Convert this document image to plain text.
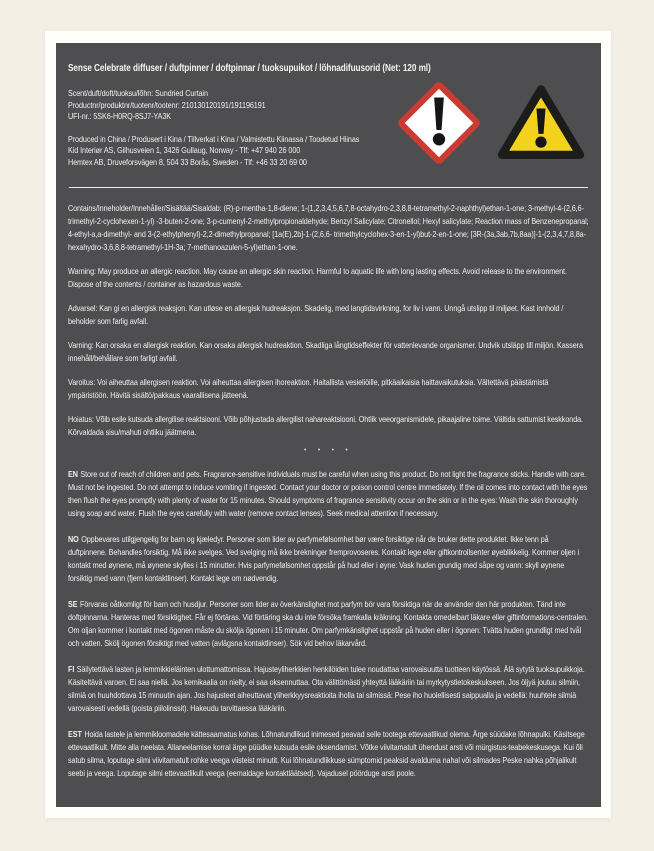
Sense Celebrate diffuser / duftpinner / doftpinnar / tuoksupuikot / lõhnadifuusorid (Net: 120 ml)
Scent/duft/doft/tuoksu/lõhn: Sundried Curtain
Productnr/produktnr/tuotenr/tootenr: 210130120191/191196191
UFI-nr.: 5SK6-H0RQ-8SJ7-YA3K
Produced in China / Produsert i Kina / Tillverkat i Kina / Valmistettu Kiinassa / Toodetud Hiinas
Kid Interiør AS, Gilhusveien 1, 3426 Gullaug, Norway - Tlf: +47 940 26 000
Hemtex AB, Druveforsvägen 8, 504 33 Borås, Sweden - Tlf: +46 33 20 69 00

Contains/Inneholder/Innehåller/Sisältää/Sisaldab: (R)-p-mentha-1,8-diene; 1-(1,2,3,4,5,6,7,8-octahydro-2,3,8,8-tetramethyl-2-naphthyl)ethan-1-one; 3-methyl-4-(2,6,6-trimethyl-2-cyclohexen-1-yl) -3-buten-2-one; 3-p-cumenyl-2-methylpropionaldehyde; Benzyl Salicylate; Citronellol; Hexyl salicylate; Reaction mass of Benzenepropanal; 4-ethyl-a,a-dimethyl- and 3-(2-ethylphenyl)-2,2-dimethylpropanal; [1a(E),2b]-1-(2,6,6- trimethylcyclohex-3-en-1-yl)but-2-en-1-one; [3R-(3a,3ab,7b,8aa)]-1-(2,3,4,7,8,8a-hexahydro-3,6,8,8-tetramethyl-1H-3a; 7-methanoazulen-5-yl)ethan-1-one.

Warning: May produce an allergic reaction. May cause an allergic skin reaction. Harmful to aquatic life with long lasting effects. Avoid release to the environment. Dispose of the contents / container as hazardous waste.

Advarsel: Kan gi en allergisk reaksjon. Kan utløse en allergisk hudreaksjon. Skadelig, med langtidsvirkning, for liv i vann. Unngå utslipp til miljøet. Kast innhold / beholder som farlig avfall.

Varning: Kan orsaka en allergisk reaktion. Kan orsaka allergisk hudreaktion. Skadliga långtidseffekter för vattenlevande organismer. Undvik utsläpp till miljön. Kassera innehåll/behållare som farligt avfall.

Varoitus: Voi aiheuttaa allergisen reaktion. Voi aiheuttaa allergisen ihoreaktion. Haitallista vesieliöille, pitkäaikaisia haittavaikutuksia. Vältettävä päästämistä ympäristöön. Hävitä sisältö/pakkaus vaarallisena jätteenä.

Hoiatus: Võib esile kutsuda allergilise reaktsiooni. Võib põhjustada allergilist nahareaktsiooni. Ohtlik veeorganismidele, pikaajaline toime. Vältida sattumist keskkonda. Kõrvaldada sisu/mahuti ohtliku jäätmena.

• • • •

EN Store out of reach of children and pets. Fragrance-sensitive individuals must be careful when using this product. Do not light the fragrance sticks. Handle with care. Must not be ingested. Do not attempt to induce vomiting if ingested. Contact your doctor or poison control centre immediately. If the oil comes into contact with the eyes then flush the eyes promptly with plenty of water for 15 minutes. Should symptoms of fragrance sensitivity occur on the skin or in the eyes: Wash the skin thoroughly using soap and water. Flush the eyes carefully with water (remove contact lenses). Seek medical attention if necessary.

NO Oppbevares utilgjengelig for barn og kjæledyr. Personer som lider av parfymefølsomhet bør være forsiktige når de bruker dette produktet. Ikke tenn på duftpinnene. Behandles forsiktig. Må ikke svelges. Ved svelging må ikke brekninger fremprovoseres. Kontakt lege eller giftkontrollsenter øyeblikkelig. Kommer oljen i kontakt med øynene, må øynene skylles i 15 minutter. Hvis parfymefølsomhet oppstår på hud eller i øyne: Vask huden grundig med såpe og vann: skyll øynene forsiktig med vann (fjern kontaktlinser). Kontakt lege om nødvendig.

SE Förvaras oåtkomligt för barn och husdjur. Personer som lider av överkänslighet mot parfym bör vara försiktiga när de använder den här produkten. Tänd inte doftpinnarna. Hanteras med försiktighet. Får ej förtäras. Vid förtäring ska du inte försöka framkalla kräkning. Kontakta omedelbart läkare eller giftinformations-centralen. Om oljan kommer i kontakt med ögonen måste du skölja ögonen i 15 minuter. Om parfymkänslighet uppstår på huden eller i ögonen: Tvätta huden grundligt med tvål och vatten. Skölj ögonen försiktigt med vatten (avlägsna kontaktlinser). Sök vid behov läkarvård.

FI Säilytettävä lasten ja lemmikkieläinten ulottumattomissa. Hajusteyliherkkien henkilöiden tulee noudattaa varovaisuutta tuotteen käytössä. Älä sytytä tuoksupuikkoja. Käsiteltävä varoen. Ei saa niellä. Jos kemikaalia on nielty, ei saa oksennuttaa. Ota välittömästi yhteyttä lääkäriin tai myrkytystietokeskukseen. Jos öljyä joutuu silmiin, silmiä on huuhdottava 15 minuutin ajan. Jos hajusteet aiheuttavat yliherkkyysreaktioita iholla tai silmissä: Pese iho huolellisesti saippualla ja vedellä: huuhtele silmiä varovaisesti vedellä (poista piilolinssit). Hakeudu tarvittaessa lääkäriin.

EST Hoida lastele ja lemmikloomadele kättesaamatus kohas. Lõhnatundlikud inimesed peavad selle tootega ettevaatlikud olema. Ärge süüdake lõhnapulki. Käsitsege ettevaatlikult. Mitte alla neelata. Allaneelamise korral ärge püüdke kutsuda esile oksendamist. Võtke viivitamatult ühendust arsti või mürgistus-teabekeskusega. Kui õli satub silma, loputage silmi viivitamatult rohke veega viisteist minutit. Kui lõhnatundlikkuse sümptomid peaksid avalduma nahal või silmades Peske nahka põhjalikult seebi ja veega. Loputage silmi ettevaatlikult veega (eemaldage kontaktläätsed). Vajadusel pöörduge arsti poole.
